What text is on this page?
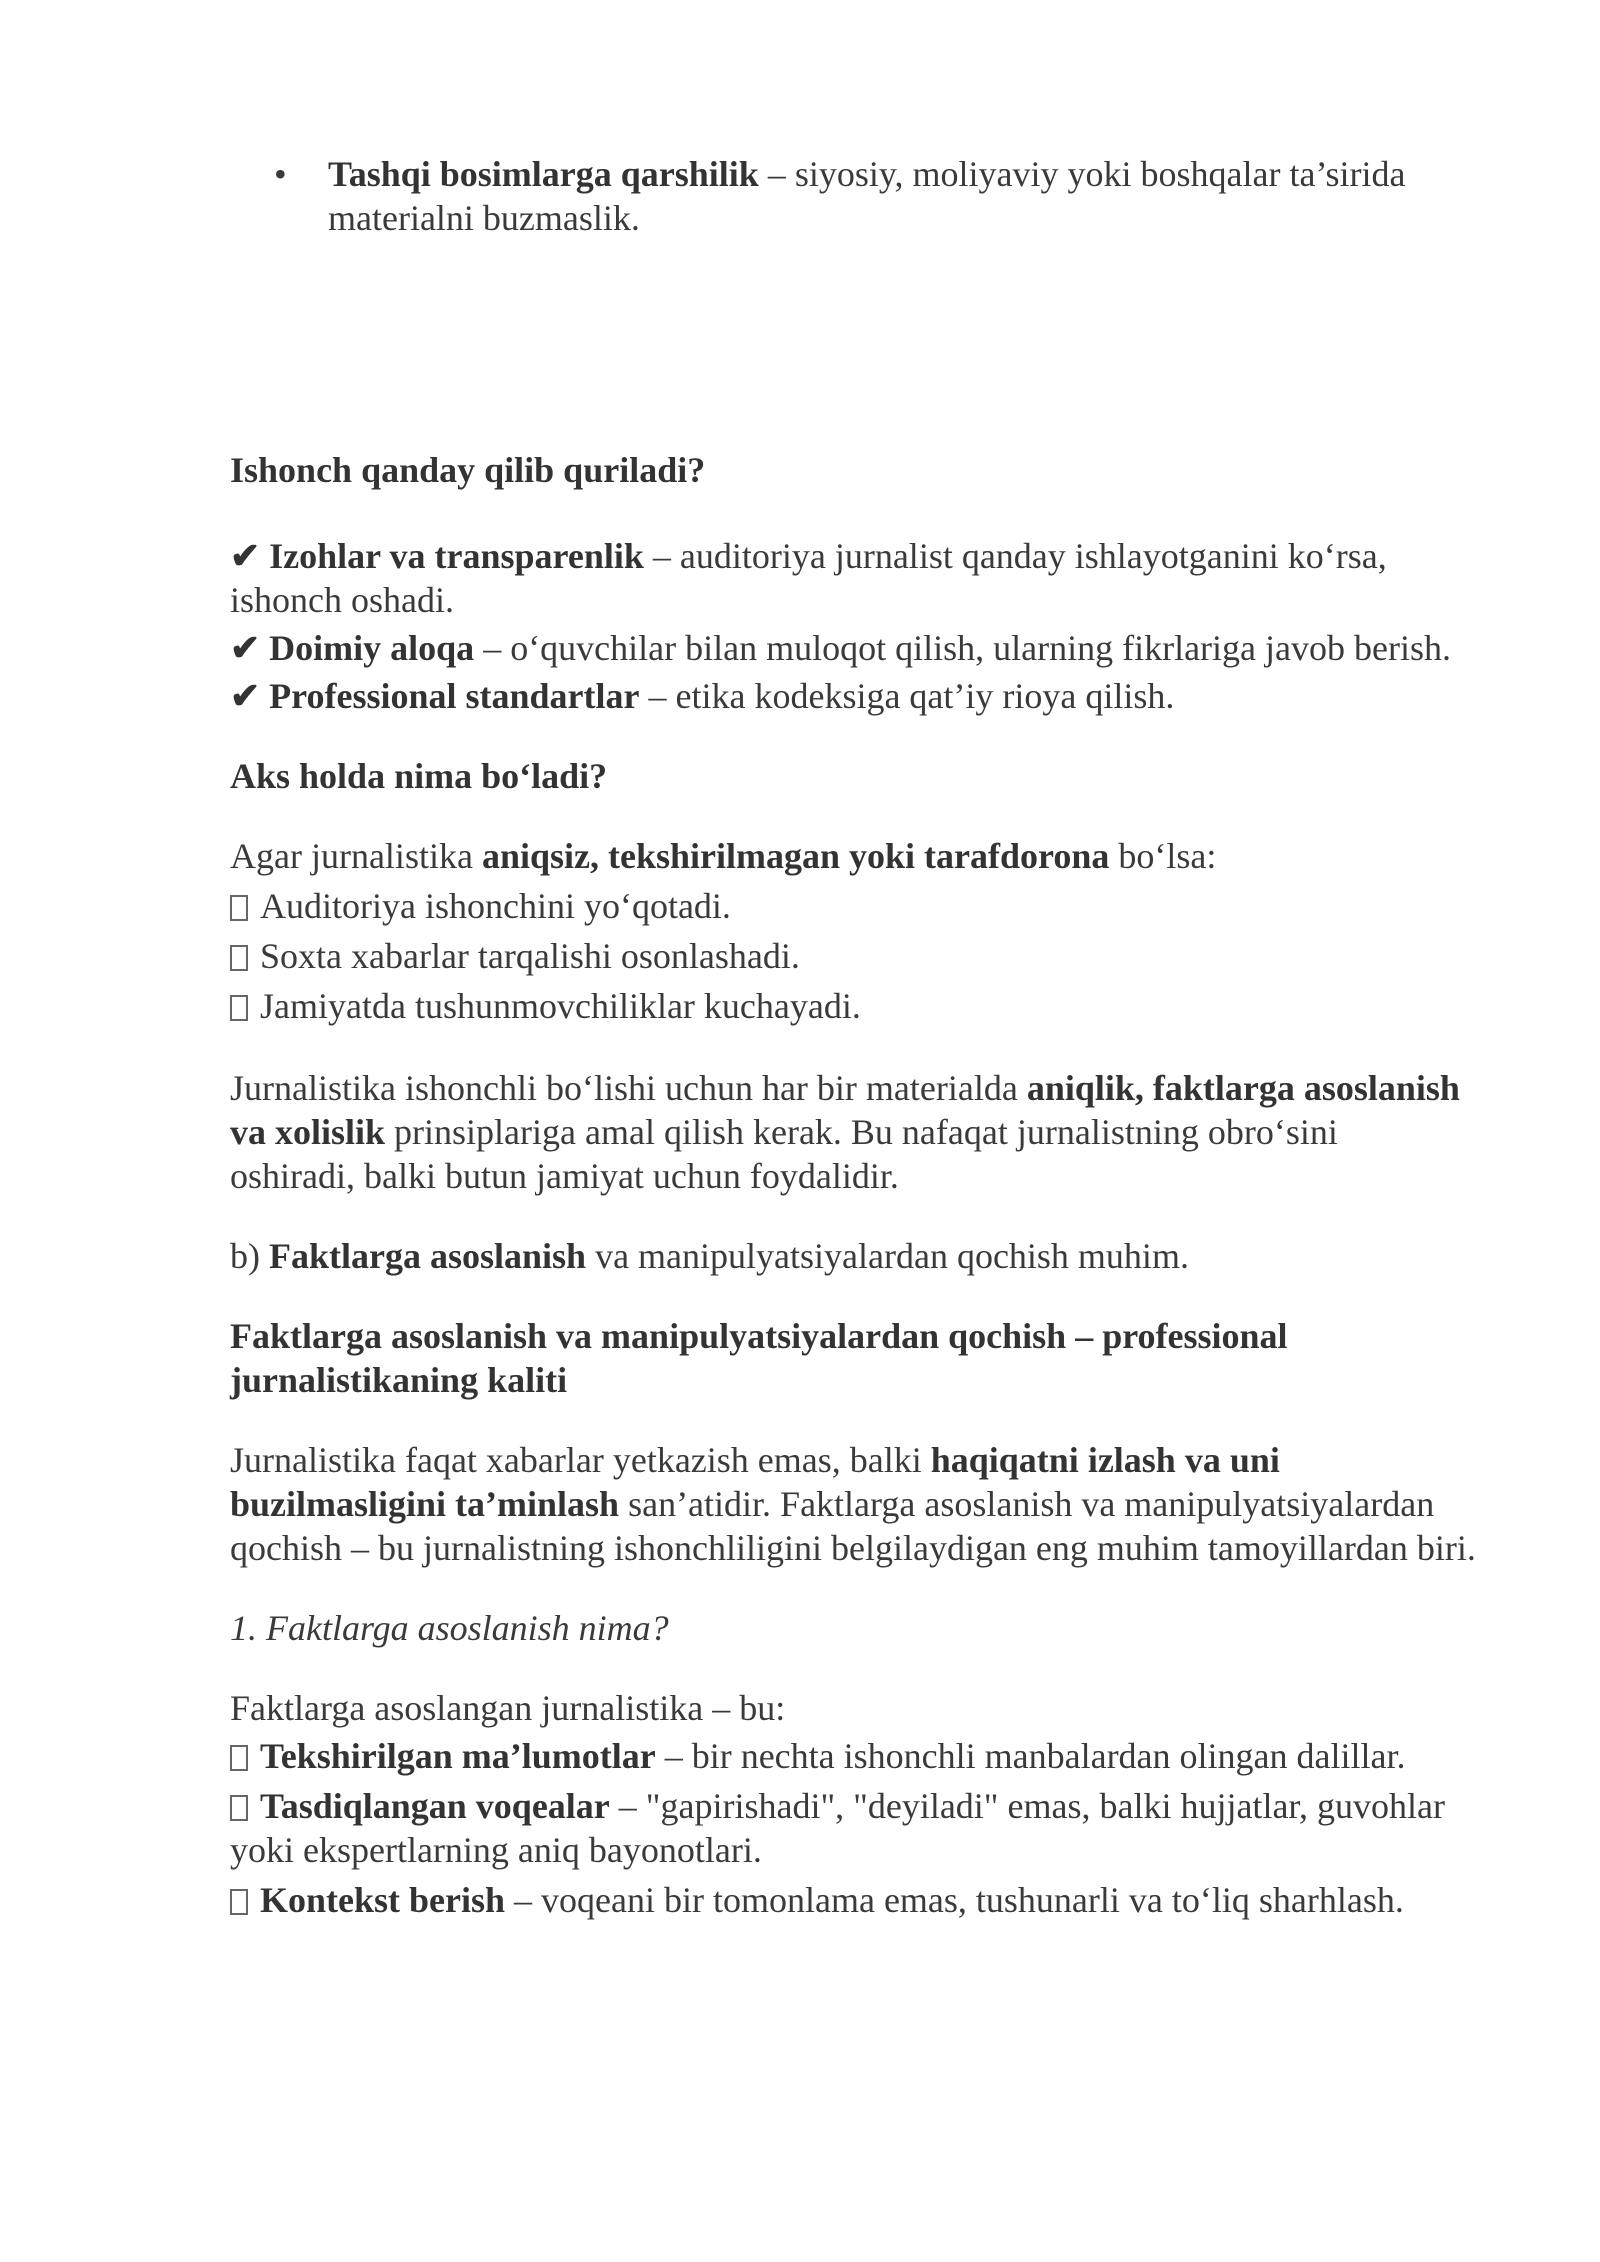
• Tashqi bosimlarga qarshilik – siyosiy, moliyaviy yoki boshqalar ta’sirida materialni buzmaslik.
Ishonch qanday qilib quriladi?
✔ Izohlar va transparenlik – auditoriya jurnalist qanday ishlayotganini ko‘rsa, ishonch oshadi.
✔ Doimiy aloqa – o‘quvchilar bilan muloqot qilish, ularning fikrlariga javob berish.
✔ Professional standartlar – etika kodeksiga qat’iy rioya qilish.
Aks holda nima bo‘ladi?

Agar jurnalistika aniqsiz, tekshirilmagan yoki tarafdorona bo‘lsa:

Auditoriya ishonchini yo‘qotadi.
Soxta xabarlar tarqalishi osonlashadi.
Jamiyatda tushunmovchiliklar kuchayadi.

Jurnalistika ishonchli bo‘lishi uchun har bir materialda aniqlik, faktlarga asoslanish va xolislik prinsiplariga amal qilish kerak. Bu nafaqat jurnalistning obro‘sini oshiradi, balki butun jamiyat uchun foydalidir.

b) Faktlarga asoslanish va manipulyatsiyalardan qochish muhim.

Faktlarga asoslanish va manipulyatsiyalardan qochish – professional jurnalistikaning kaliti

Jurnalistika faqat xabarlar yetkazish emas, balki haqiqatni izlash va uni buzilmasligini ta’minlash san’atidir. Faktlarga asoslanish va manipulyatsiyalardan qochish – bu jurnalistning ishonchliligini belgilaydigan eng muhim tamoyillardan biri.

1. Faktlarga asoslanish nima?

Faktlarga asoslangan jurnalistika – bu:

Tekshirilgan ma’lumotlar – bir nechta ishonchli manbalardan olingan dalillar.
Tasdiqlangan voqealar – "gapirishadi", "deyiladi" emas, balki hujjatlar, guvohlar yoki ekspertlarning aniq bayonotlari.
Kontekst berish – voqeani bir tomonlama emas, tushunarli va to‘liq sharhlash.
